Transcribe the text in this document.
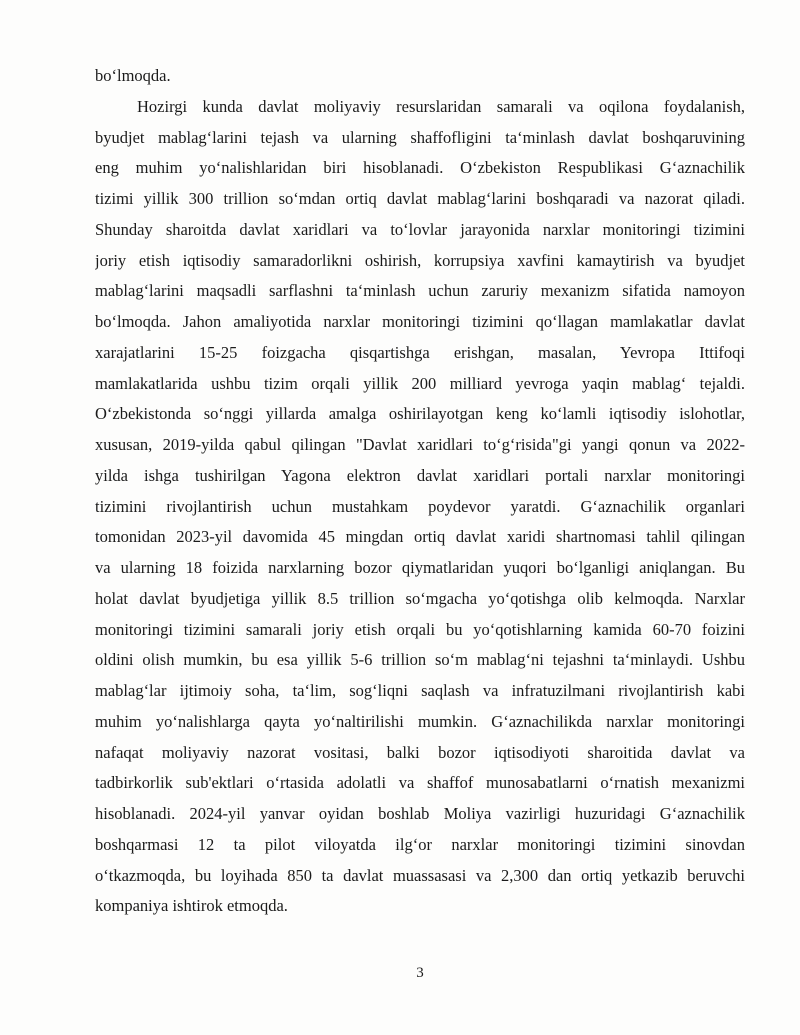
bo‘lmoqda.
Hozirgi kunda davlat moliyaviy resurslaridan samarali va oqilona foydalanish,
byudjet mablag‘larini tejash va ularning shaffofligini ta‘minlash davlat boshqaruvining
eng muhim yo‘nalishlaridan biri hisoblanadi. O‘zbekiston Respublikasi G‘aznachilik
tizimi yillik 300 trillion so‘mdan ortiq davlat mablag‘larini boshqaradi va nazorat qiladi.
Shunday sharoitda davlat xaridlari va to‘lovlar jarayonida narxlar monitoringi tizimini
joriy etish iqtisodiy samaradorlikni oshirish, korrupsiya xavfini kamaytirish va byudjet
mablag‘larini maqsadli sarflashni ta‘minlash uchun zaruriy mexanizm sifatida namoyon
bo‘lmoqda. Jahon amaliyotida narxlar monitoringi tizimini qo‘llagan mamlakatlar davlat
xarajatlarini 15-25 foizgacha qisqartishga erishgan, masalan, Yevropa Ittifoqi
mamlakatlarida ushbu tizim orqali yillik 200 milliard yevroga yaqin mablag‘ tejaldi.
O‘zbekistonda so‘nggi yillarda amalga oshirilayotgan keng ko‘lamli iqtisodiy islohotlar,
xususan, 2019-yilda qabul qilingan "Davlat xaridlari to‘g‘risida"gi yangi qonun va 2022-
yilda ishga tushirilgan Yagona elektron davlat xaridlari portali narxlar monitoringi
tizimini rivojlantirish uchun mustahkam poydevor yaratdi. G‘aznachilik organlari
tomonidan 2023-yil davomida 45 mingdan ortiq davlat xaridi shartnomasi tahlil qilingan
va ularning 18 foizida narxlarning bozor qiymatlaridan yuqori bo‘lganligi aniqlangan. Bu
holat davlat byudjetiga yillik 8.5 trillion so‘mgacha yo‘qotishga olib kelmoqda. Narxlar
monitoringi tizimini samarali joriy etish orqali bu yo‘qotishlarning kamida 60-70 foizini
oldini olish mumkin, bu esa yillik 5-6 trillion so‘m mablag‘ni tejashni ta‘minlaydi. Ushbu
mablag‘lar ijtimoiy soha, ta‘lim, sog‘liqni saqlash va infratuzilmani rivojlantirish kabi
muhim yo‘nalishlarga qayta yo‘naltirilishi mumkin. G‘aznachilikda narxlar monitoringi
nafaqat moliyaviy nazorat vositasi, balki bozor iqtisodiyoti sharoitida davlat va
tadbirkorlik sub'ektlari o‘rtasida adolatli va shaffof munosabatlarni o‘rnatish mexanizmi
hisoblanadi. 2024-yil yanvar oyidan boshlab Moliya vazirligi huzuridagi G‘aznachilik
boshqarmasi 12 ta pilot viloyatda ilg‘or narxlar monitoringi tizimini sinovdan
o‘tkazmoqda, bu loyihada 850 ta davlat muassasasi va 2,300 dan ortiq yetkazib beruvchi
kompaniya ishtirok etmoqda.
3
